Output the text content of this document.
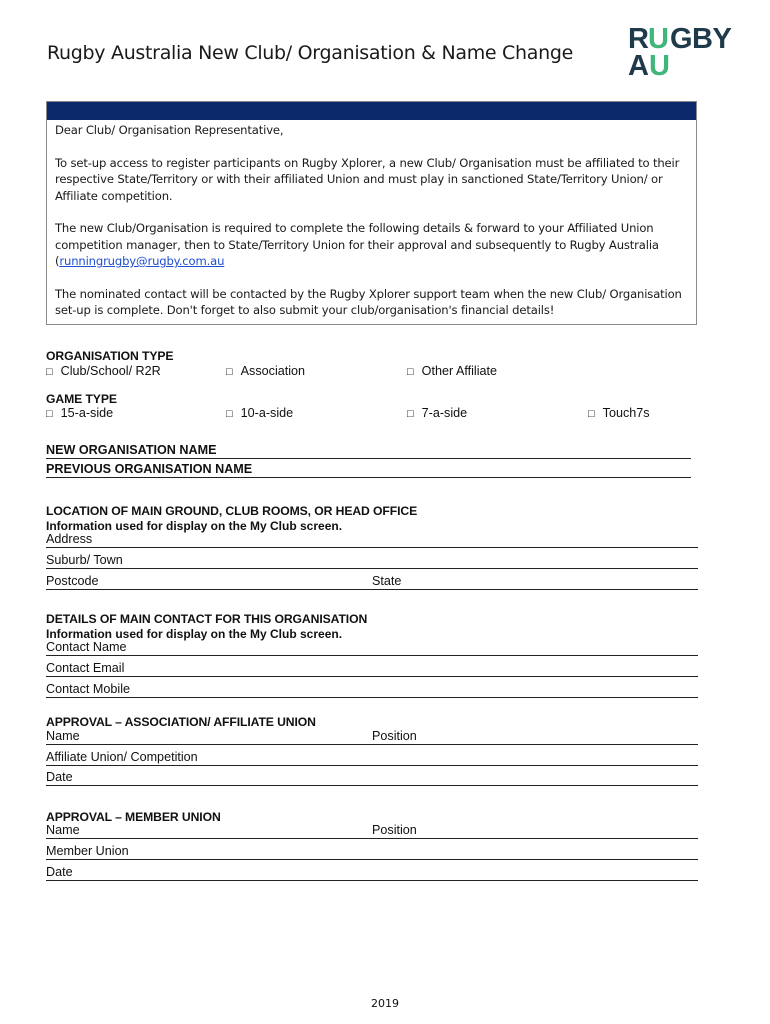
Rugby Australia New Club/ Organisation & Name Change R U GBY
A U

Dear Club/ Organisation Representative,

To set-up access to register participants on Rugby Xplorer, a new Club/ Organisation must be affiliated to their respective State/Territory or with their affiliated Union and must play in sanctioned State/Territory Union/ or Affiliate competition.

The new Club/Organisation is required to complete the following details & forward to your Affiliated Union competition manager, then to State/Territory Union for their approval and subsequently to Rugby Australia (runningrugby@rugby.com.au

The nominated contact will be contacted by the Rugby Xplorer support team when the new Club/ Organisation set-up is complete. Don't forget to also submit your club/organisation's financial details!

ORGANISATION TYPE
□ Club/School/ R2R	□ Association	□ Other Affiliate
GAME TYPE
□ 15-a-side	□ 10-a-side	□ 7-a-side	□ Touch7s
NEW ORGANISATION NAME
PREVIOUS ORGANISATION NAME
LOCATION OF MAIN GROUND, CLUB ROOMS, OR HEAD OFFICE
Information used for display on the My Club screen.
Address
Suburb/ Town
Postcode	State
DETAILS OF MAIN CONTACT FOR THIS ORGANISATION
Information used for display on the My Club screen.
Contact Name
Contact Email
Contact Mobile
APPROVAL – ASSOCIATION/ AFFILIATE UNION
Name	Position
Affiliate Union/ Competition
Date
APPROVAL – MEMBER UNION
Name	Position
Member Union
Date
2019
